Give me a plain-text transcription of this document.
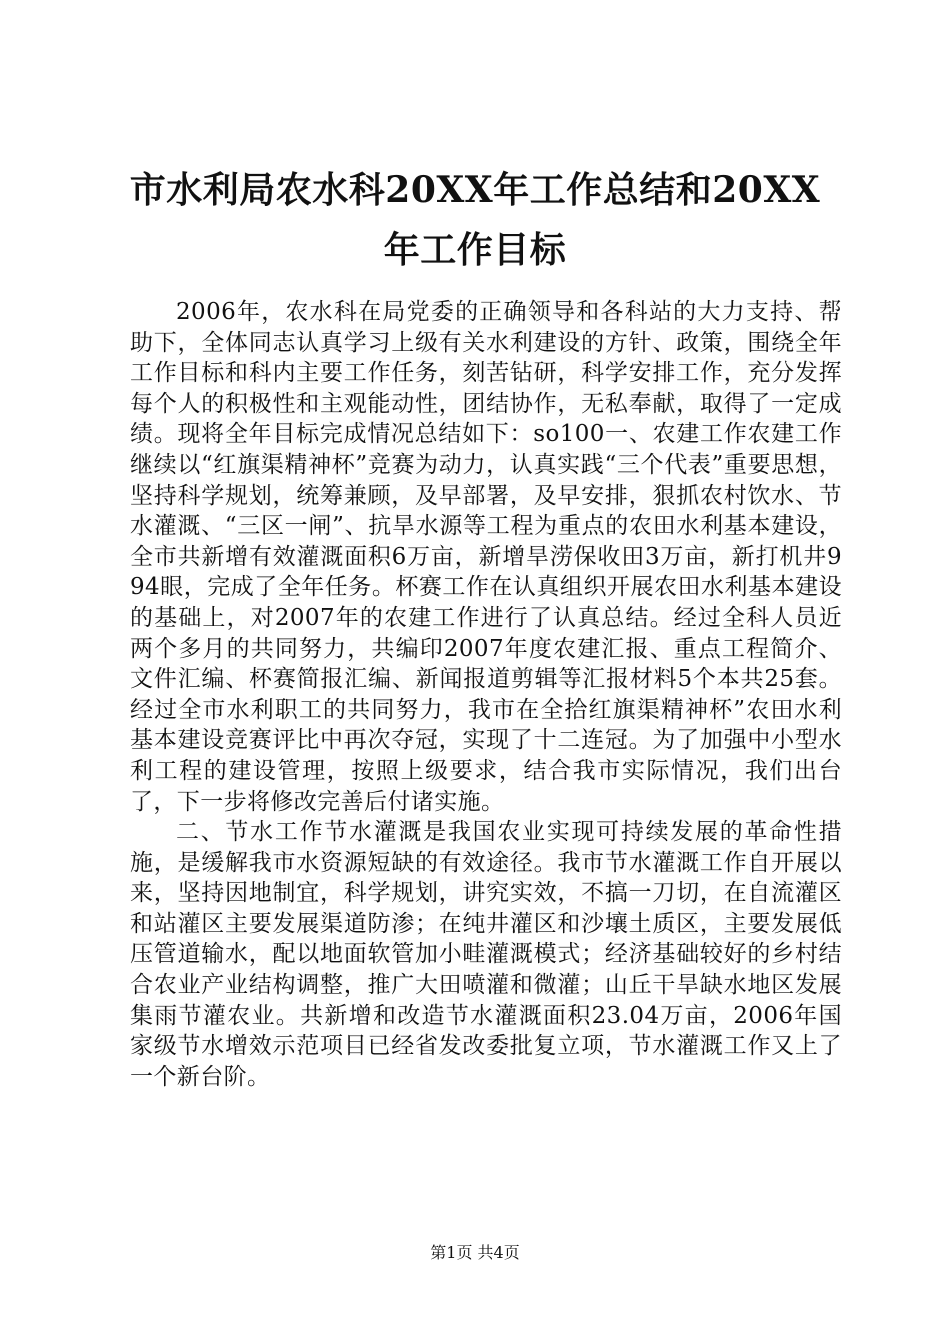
市水利局农水科20XX年工作总结和20XX年工作目标

2006年，农水科在局党委的正确领导和各科站的大力支持、帮助下，全体同志认真学习上级有关水利建设的方针、政策，围绕全年工作目标和科内主要工作任务，刻苦钻研，科学安排工作，充分发挥每个人的积极性和主观能动性，团结协作，无私奉献，取得了一定成绩。现将全年目标完成情况总结如下：so100一、农建工作农建工作继续以“红旗渠精神杯”竞赛为动力，认真实践“三个代表”重要思想，坚持科学规划，统筹兼顾，及早部署，及早安排，狠抓农村饮水、节水灌溉、“三区一闸”、抗旱水源等工程为重点的农田水利基本建设，全市共新增有效灌溉面积6万亩，新增旱涝保收田3万亩，新打机井994眼，完成了全年任务。杯赛工作在认真组织开展农田水利基本建设的基础上，对2007年的农建工作进行了认真总结。经过全科人员近两个多月的共同努力，共编印2007年度农建汇报、重点工程简介、文件汇编、杯赛简报汇编、新闻报道剪辑等汇报材料5个本共25套。经过全市水利职工的共同努力，我市在全拾红旗渠精神杯”农田水利基本建设竞赛评比中再次夺冠，实现了十二连冠。为了加强中小型水利工程的建设管理，按照上级要求，结合我市实际情况，我们出台了，下一步将修改完善后付诸实施。

二、节水工作节水灌溉是我国农业实现可持续发展的革命性措施，是缓解我市水资源短缺的有效途径。我市节水灌溉工作自开展以来，坚持因地制宜，科学规划，讲究实效，不搞一刀切，在自流灌区和站灌区主要发展渠道防渗；在纯井灌区和沙壤土质区，主要发展低压管道输水，配以地面软管加小畦灌溉模式；经济基础较好的乡村结合农业产业结构调整，推广大田喷灌和微灌；山丘干旱缺水地区发展集雨节灌农业。共新增和改造节水灌溉面积23.04万亩，2006年国家级节水增效示范项目已经省发改委批复立项，节水灌溉工作又上了一个新台阶。

第1页 共4页
